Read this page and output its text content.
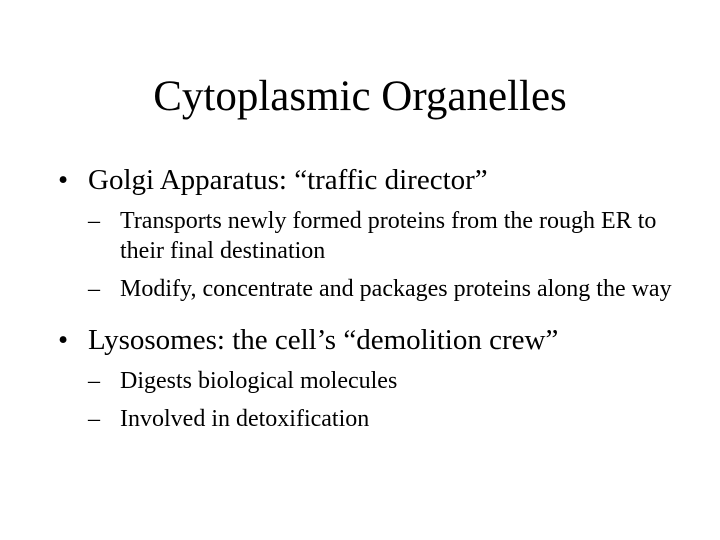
Cytoplasmic Organelles
• Golgi Apparatus: “traffic director”
– Transports newly formed proteins from the rough ER to their final destination
– Modify, concentrate and packages proteins along the way
• Lysosomes: the cell’s “demolition crew”
– Digests biological molecules
– Involved in detoxification
